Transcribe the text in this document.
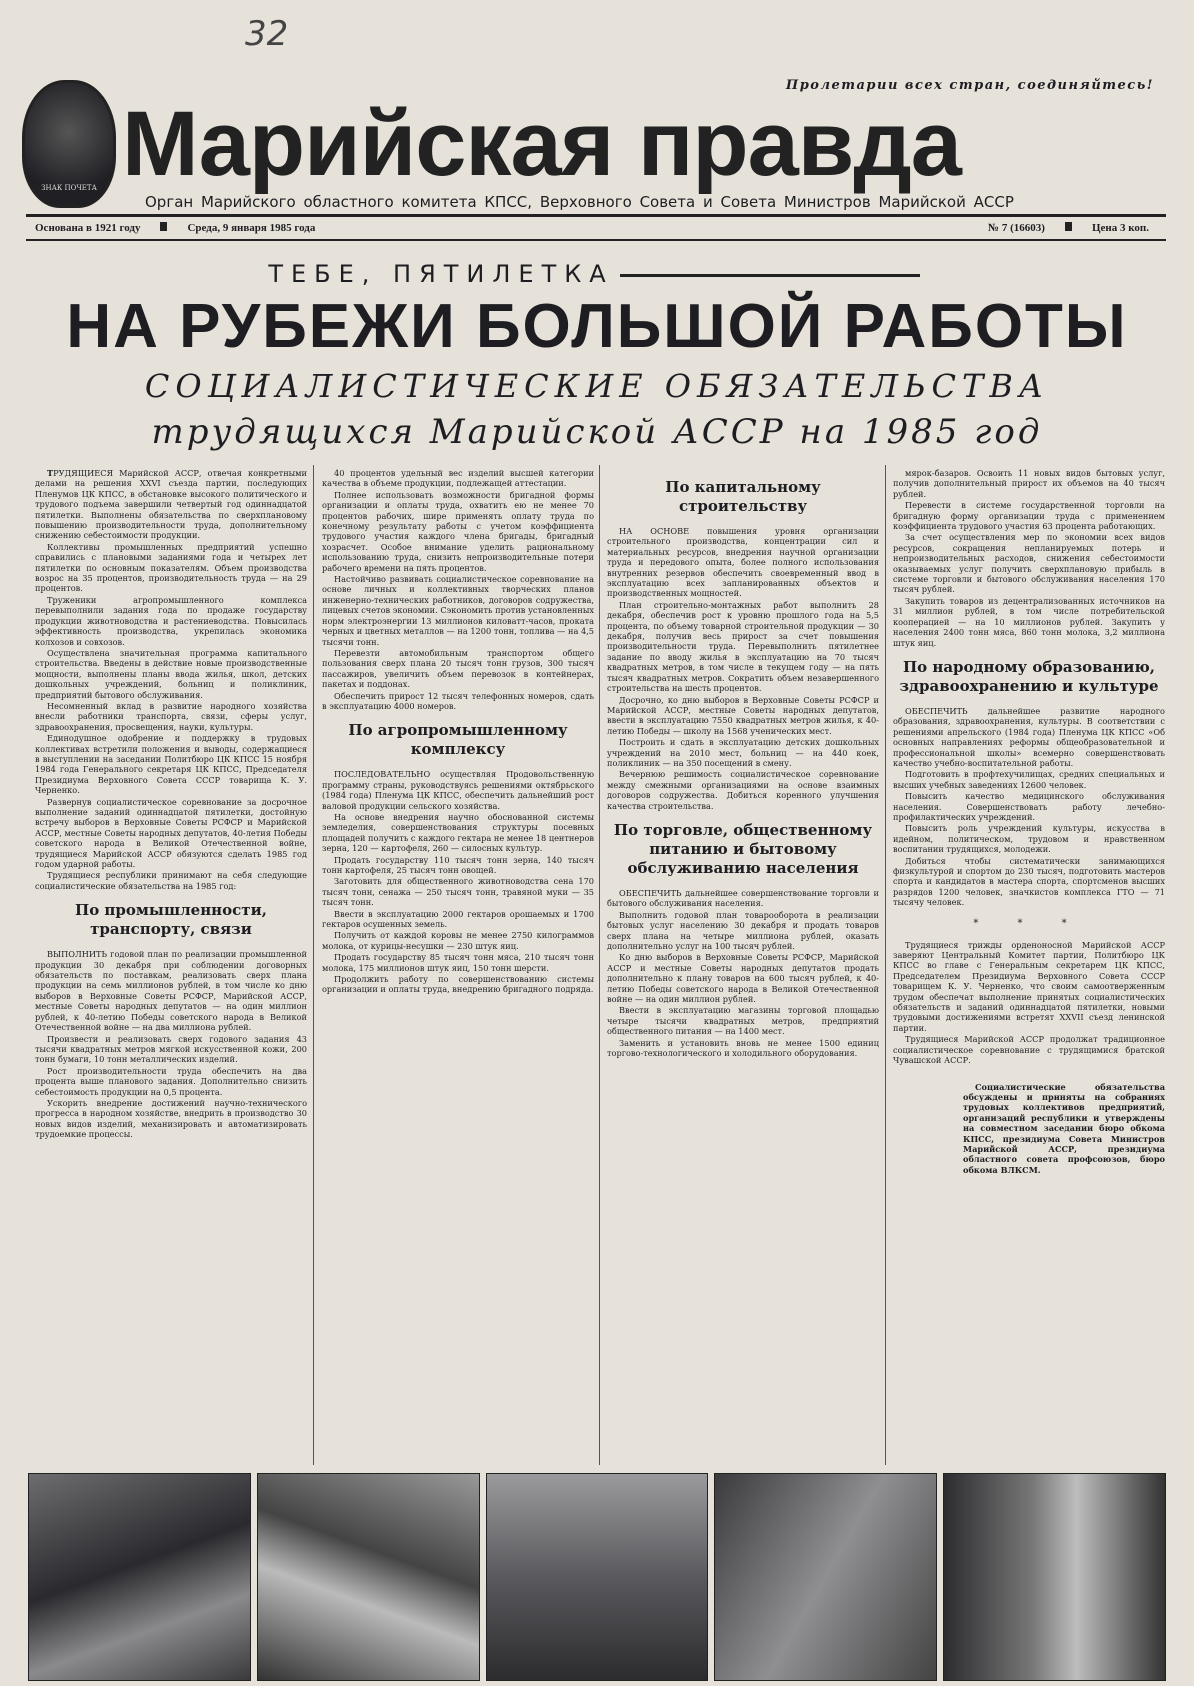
32
Пролетарии всех стран, соединяйтесь!
ЗНАК ПОЧЕТА Марийская правда
Орган Марийского областного комитета КПСС, Верховного Совета и Совета Министров Марийской АССР
Основана в 1921 году	Среда, 9 января 1985 года	№ 7 (16603)	Цена 3 коп.
ТЕБЕ, ПЯТИЛЕТКА
НА РУБЕЖИ БОЛЬШОЙ РАБОТЫ
СОЦИАЛИСТИЧЕСКИЕ ОБЯЗАТЕЛЬСТВА
трудящихся Марийской АССР на 1985 год

ТРУДЯЩИЕСЯ Марийской АССР, отвечая конкретными делами на решения XXVI съезда партии, последующих Пленумов ЦК КПСС, в обстановке высокого политического и трудового подъема завершили четвертый год одиннадцатой пятилетки. Выполнены обязательства по сверхплановому повышению производительности труда, дополнительному снижению себестоимости продукции.

Коллективы промышленных предприятий успешно справились с плановыми заданиями года и четырех лет пятилетки по основным показателям. Объем производства возрос на 35 процентов, производительность труда — на 29 процентов.

Труженики агропромышленного комплекса перевыполнили задания года по продаже государству продукции животноводства и растениеводства. Повысилась эффективность производства, укрепилась экономика колхозов и совхозов.

Осуществлена значительная программа капитального строительства. Введены в действие новые производственные мощности, выполнены планы ввода жилья, школ, детских дошкольных учреждений, больниц и поликлиник, предприятий бытового обслуживания.

Несомненный вклад в развитие народного хозяйства внесли работники транспорта, связи, сферы услуг, здравоохранения, просвещения, науки, культуры.

Единодушное одобрение и поддержку в трудовых коллективах встретили положения и выводы, содержащиеся в выступлении на заседании Политбюро ЦК КПСС 15 ноября 1984 года Генерального секретаря ЦК КПСС, Председателя Президиума Верховного Совета СССР товарища К. У. Черненко.

Развернув социалистическое соревнование за досрочное выполнение заданий одиннадцатой пятилетки, достойную встречу выборов в Верховные Советы РСФСР и Марийской АССР, местные Советы народных депутатов, 40-летия Победы советского народа в Великой Отечественной войне, трудящиеся Марийской АССР обязуются сделать 1985 год годом ударной работы.

Трудящиеся республики принимают на себя следующие социалистические обязательства на 1985 год:

По промышленности, транспорту, связи

ВЫПОЛНИТЬ годовой план по реализации промышленной продукции 30 декабря при соблюдении договорных обязательств по поставкам, реализовать сверх плана продукции на семь миллионов рублей, в том числе ко дню выборов в Верховные Советы РСФСР, Марийской АССР, местные Советы народных депутатов — на один миллион рублей, к 40-летию Победы советского народа в Великой Отечественной войне — на два миллиона рублей.

Произвести и реализовать сверх годового задания 43 тысячи квадратных метров мягкой искусственной кожи, 200 тонн бумаги, 10 тонн металлических изделий.

Рост производительности труда обеспечить на два процента выше планового задания. Дополнительно снизить себестоимость продукции на 0,5 процента.

Ускорить внедрение достижений научно-технического прогресса в народном хозяйстве, внедрить в производство 30 новых видов изделий, механизировать и автоматизировать трудоемкие процессы.

40 процентов удельный вес изделий высшей категории качества в объеме продукции, подлежащей аттестации.

Полнее использовать возможности бригадной формы организации и оплаты труда, охватить ею не менее 70 процентов рабочих, шире применять оплату труда по конечному результату работы с учетом коэффициента трудового участия каждого члена бригады, бригадный хозрасчет. Особое внимание уделить рациональному использованию труда, снизить непроизводительные потери рабочего времени на пять процентов.

Настойчиво развивать социалистическое соревнование на основе личных и коллективных творческих планов инженерно-технических работников, договоров содружества, лицевых счетов экономии. Сэкономить против установленных норм электроэнергии 13 миллионов киловатт-часов, проката черных и цветных металлов — на 1200 тонн, топлива — на 4,5 тысячи тонн.

Перевезти автомобильным транспортом общего пользования сверх плана 20 тысяч тонн грузов, 300 тысяч пассажиров, увеличить объем перевозок в контейнерах, пакетах и поддонах.

Обеспечить прирост 12 тысяч телефонных номеров, сдать в эксплуатацию 4000 номеров.

По агропромышленному комплексу

ПОСЛЕДОВАТЕЛЬНО осуществляя Продовольственную программу страны, руководствуясь решениями октябрьского (1984 года) Пленума ЦК КПСС, обеспечить дальнейший рост валовой продукции сельского хозяйства.

На основе внедрения научно обоснованной системы земледелия, совершенствования структуры посевных площадей получить с каждого гектара не менее 18 центнеров зерна, 120 — картофеля, 260 — силосных культур.

Продать государству 110 тысяч тонн зерна, 140 тысяч тонн картофеля, 25 тысяч тонн овощей.

Заготовить для общественного животноводства сена 170 тысяч тонн, сенажа — 250 тысяч тонн, травяной муки — 35 тысяч тонн.

Ввести в эксплуатацию 2000 гектаров орошаемых и 1700 гектаров осушенных земель.

Получить от каждой коровы не менее 2750 килограммов молока, от курицы-несушки — 230 штук яиц.

Продать государству 85 тысяч тонн мяса, 210 тысяч тонн молока, 175 миллионов штук яиц, 150 тонн шерсти.

Продолжить работу по совершенствованию системы организации и оплаты труда, внедрению бригадного подряда.

По капитальному строительству

НА ОСНОВЕ повышения уровня организации строительного производства, концентрации сил и материальных ресурсов, внедрения научной организации труда и передового опыта, более полного использования внутренних резервов обеспечить своевременный ввод в эксплуатацию всех запланированных объектов и производственных мощностей.

План строительно-монтажных работ выполнить 28 декабря, обеспечив рост к уровню прошлого года на 5,5 процента, по объему товарной строительной продукции — 30 декабря, получив весь прирост за счет повышения производительности труда. Перевыполнить пятилетнее задание по вводу жилья в эксплуатацию на 70 тысяч квадратных метров, в том числе в текущем году — на пять тысяч квадратных метров. Сократить объем незавершенного строительства на шесть процентов.

Досрочно, ко дню выборов в Верховные Советы РСФСР и Марийской АССР, местные Советы народных депутатов, ввести в эксплуатацию 7550 квадратных метров жилья, к 40-летию Победы — школу на 1568 ученических мест.

Построить и сдать в эксплуатацию детских дошкольных учреждений на 2010 мест, больниц — на 440 коек, поликлиник — на 350 посещений в смену.

Вечернюю решимость социалистическое соревнование между смежными организациями на основе взаимных договоров содружества. Добиться коренного улучшения качества строительства.

По торговле, общественному питанию и бытовому обслуживанию населения

ОБЕСПЕЧИТЬ дальнейшее совершенствование торговли и бытового обслуживания населения.

Выполнить годовой план товарооборота в реализации бытовых услуг населению 30 декабря и продать товаров сверх плана на четыре миллиона рублей, оказать дополнительно услуг на 100 тысяч рублей.

Ко дню выборов в Верховные Советы РСФСР, Марийской АССР и местные Советы народных депутатов продать дополнительно к плану товаров на 600 тысяч рублей, к 40-летию Победы советского народа в Великой Отечественной войне — на один миллион рублей.

Ввести в эксплуатацию магазины торговой площадью четыре тысячи квадратных метров, предприятий общественного питания — на 1400 мест.

Заменить и установить вновь не менее 1500 единиц торгово-технологического и холодильного оборудования.

мярок-базаров. Освоить 11 новых видов бытовых услуг, получив дополнительный прирост их объемов на 40 тысяч рублей.

Перевести в системе государственной торговли на бригадную форму организации труда с применением коэффициента трудового участия 63 процента работающих.

За счет осуществления мер по экономии всех видов ресурсов, сокращения непланируемых потерь и непроизводительных расходов, снижения себестоимости оказываемых услуг получить сверхплановую прибыль в системе торговли и бытового обслуживания населения 170 тысяч рублей.

Закупить товаров из децентрализованных источников на 31 миллион рублей, в том числе потребительской кооперацией — на 10 миллионов рублей. Закупить у населения 2400 тонн мяса, 860 тонн молока, 3,2 миллиона штук яиц.

По народному образованию, здравоохранению и культуре

ОБЕСПЕЧИТЬ дальнейшее развитие народного образования, здравоохранения, культуры. В соответствии с решениями апрельского (1984 года) Пленума ЦК КПСС «Об основных направлениях реформы общеобразовательной и профессиональной школы» всемерно совершенствовать качество учебно-воспитательной работы.

Подготовить в профтехучилищах, средних специальных и высших учебных заведениях 12600 человек.

Повысить качество медицинского обслуживания населения. Совершенствовать работу лечебно-профилактических учреждений.

Повысить роль учреждений культуры, искусства в идейном, политическом, трудовом и нравственном воспитании трудящихся, молодежи.

Добиться чтобы систематически занимающихся физкультурой и спортом до 230 тысяч, подготовить мастеров спорта и кандидатов в мастера спорта, спортсменов высших разрядов 1200 человек, значкистов комплекса ГТО — 71 тысячу человек.

* * *

Трудящиеся трижды орденоносной Марийской АССР заверяют Центральный Комитет партии, Политбюро ЦК КПСС во главе с Генеральным секретарем ЦК КПСС, Председателем Президиума Верховного Совета СССР товарищем К. У. Черненко, что своим самоотверженным трудом обеспечат выполнение принятых социалистических обязательств и заданий одиннадцатой пятилетки, новыми трудовыми достижениями встретят XXVII съезд ленинской партии.

Трудящиеся Марийской АССР продолжат традиционное социалистическое соревнование с трудящимися братской Чувашской АССР.

Социалистические обязательства обсуждены и приняты на собраниях трудовых коллективов предприятий, организаций республики и утверждены на совместном заседании бюро обкома КПСС, президиума Совета Министров Марийской АССР, президиума областного совета профсоюзов, бюро обкома ВЛКСМ.
